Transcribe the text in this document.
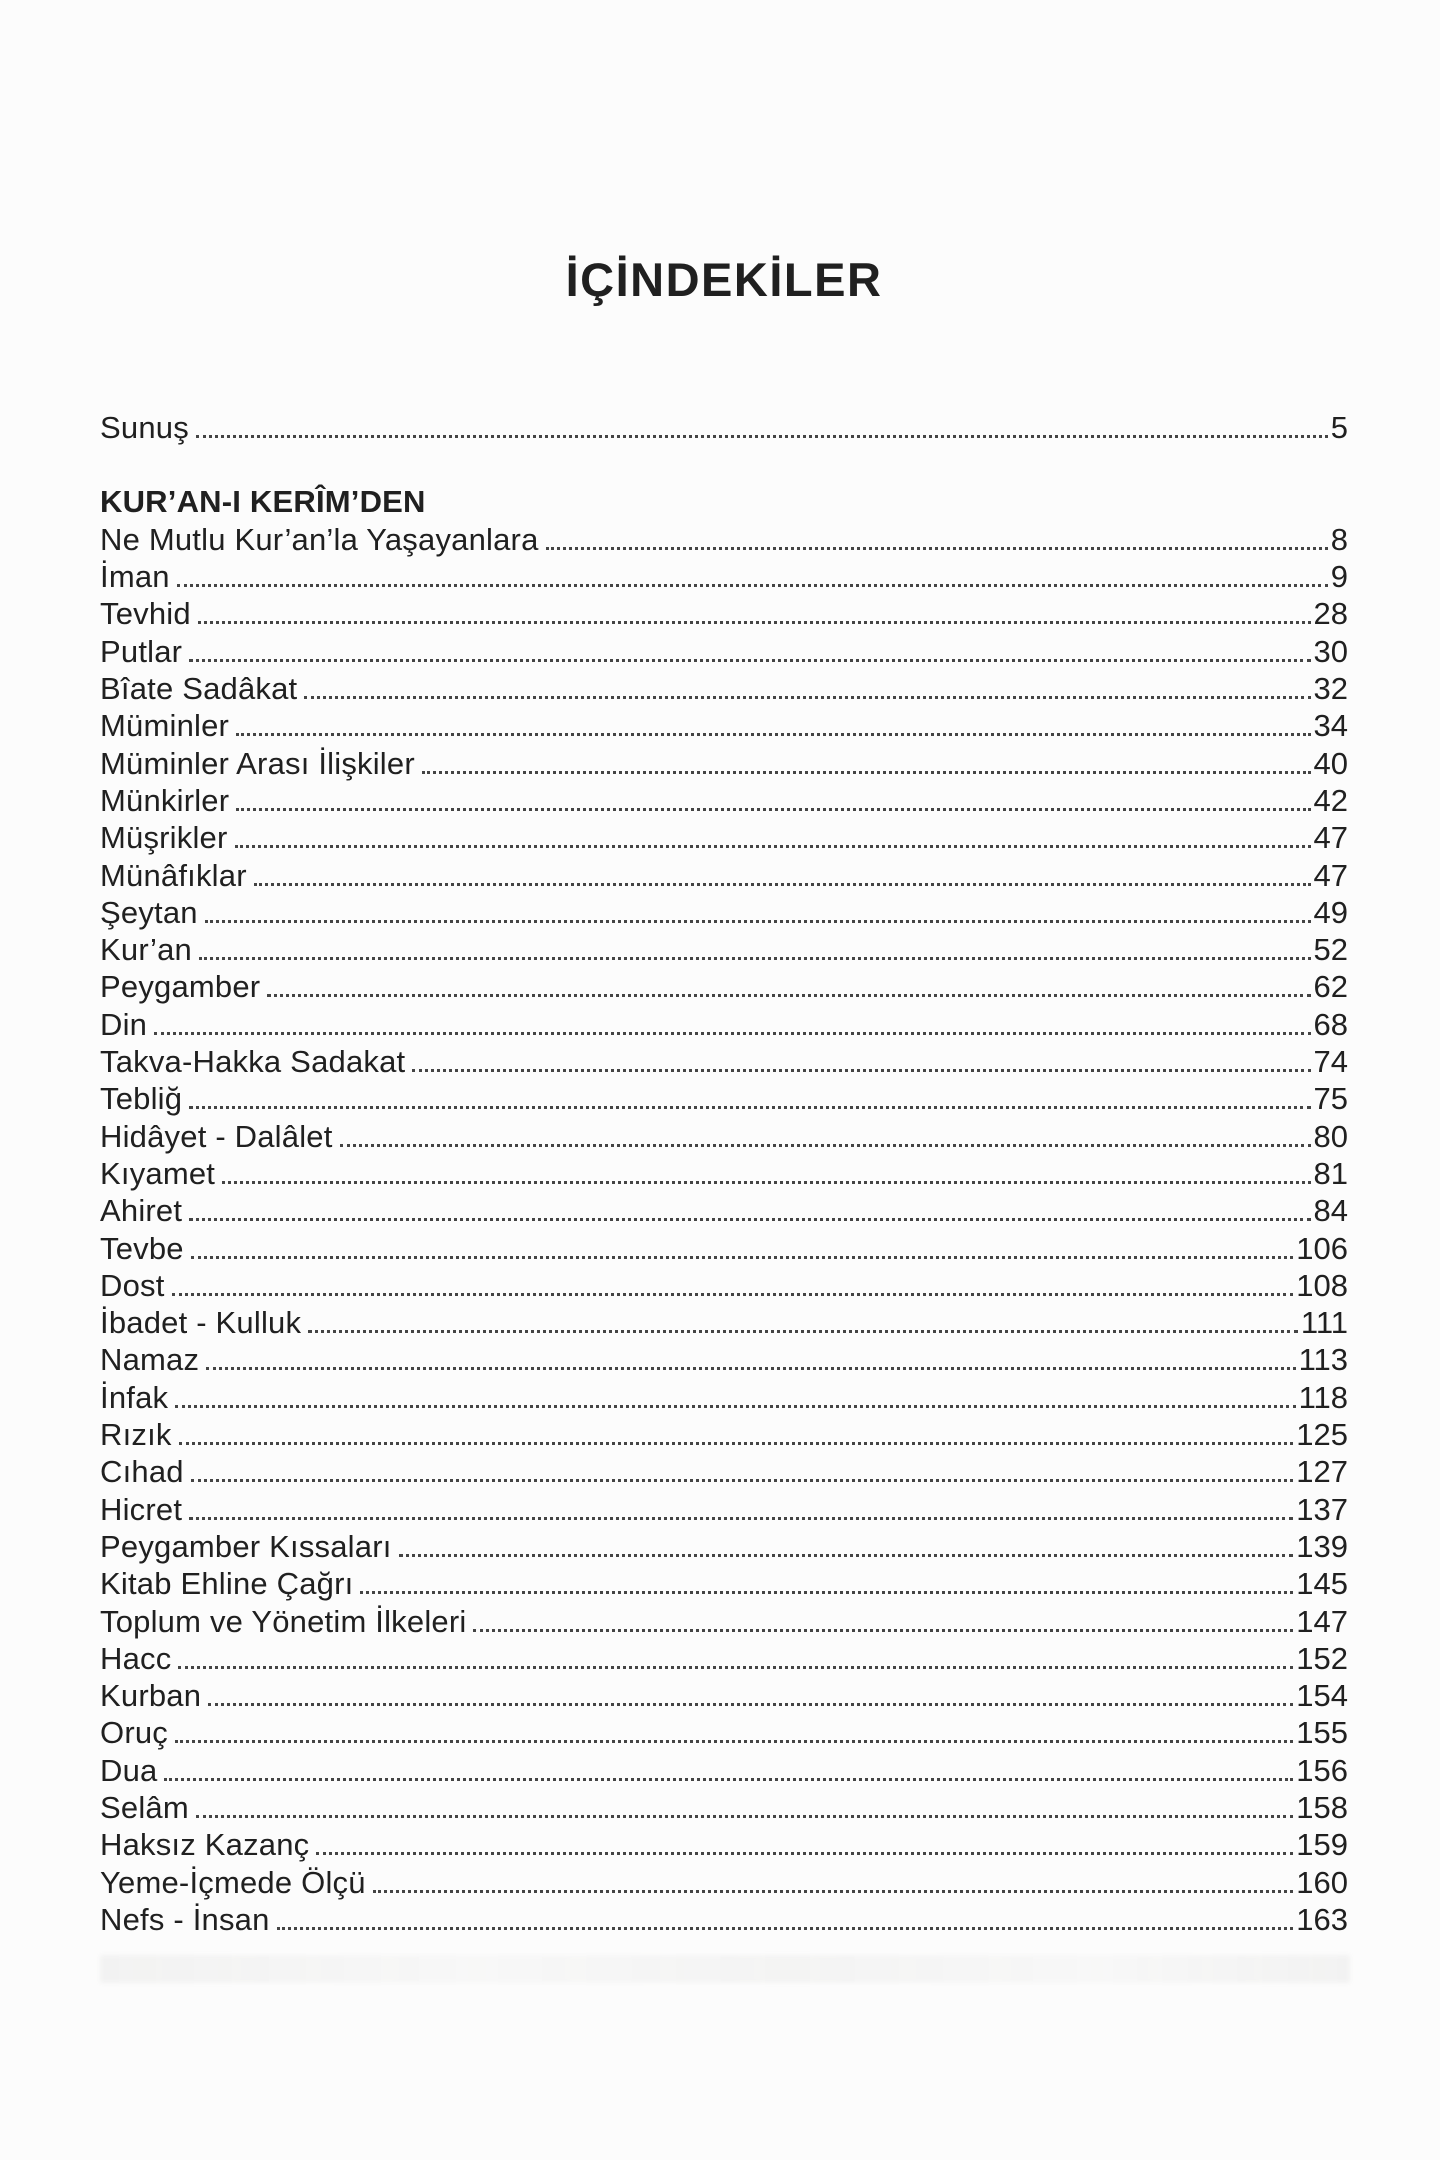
İÇİNDEKİLER
Sunuş	5
KUR’AN-I KERÎM’DEN
Ne Mutlu Kur’an’la Yaşayanlara	8
İman	9
Tevhid	28
Putlar	30
Bîate Sadâkat	32
Müminler	34
Müminler Arası İlişkiler	40
Münkirler	42
Müşrikler	47
Münâfıklar	47
Şeytan	49
Kur’an	52
Peygamber	62
Din	68
Takva-Hakka Sadakat	74
Tebliğ	75
Hidâyet - Dalâlet	80
Kıyamet	81
Ahiret	84
Tevbe	106
Dost	108
İbadet - Kulluk	111
Namaz	113
İnfak	118
Rızık	125
Cıhad	127
Hicret	137
Peygamber Kıssaları	139
Kitab Ehline Çağrı	145
Toplum ve Yönetim İlkeleri	147
Hacc	152
Kurban	154
Oruç	155
Dua	156
Selâm	158
Haksız Kazanç	159
Yeme-İçmede Ölçü	160
Nefs - İnsan	163
